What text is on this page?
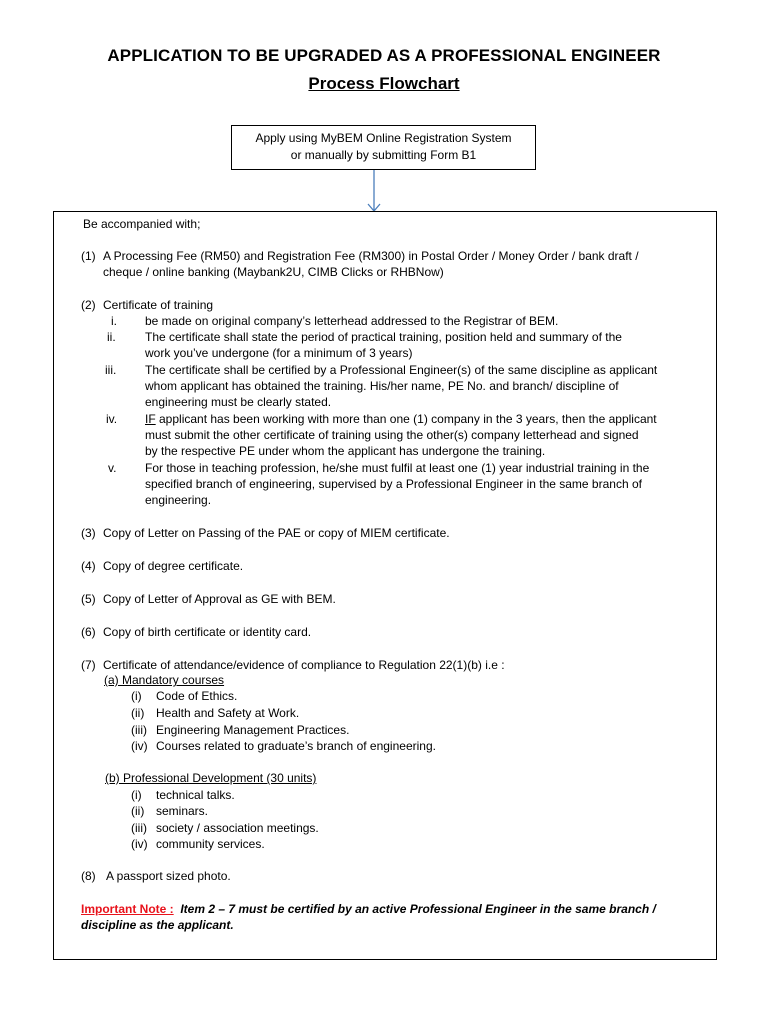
APPLICATION TO BE UPGRADED AS A PROFESSIONAL ENGINEER
Process Flowchart
Apply using MyBEM Online Registration System
or manually by submitting Form B1
Be accompanied with;
(1) A Processing Fee (RM50) and Registration Fee (RM300) in Postal Order / Money Order / bank draft /
cheque / online banking (Maybank2U, CIMB Clicks or RHBNow)
(2) Certificate of training
i. be made on original company’s letterhead addressed to the Registrar of BEM.
ii. The certificate shall state the period of practical training, position held and summary of the
work you’ve undergone (for a minimum of 3 years)
iii. The certificate shall be certified by a Professional Engineer(s) of the same discipline as applicant
whom applicant has obtained the training. His/her name, PE No. and branch/ discipline of
engineering must be clearly stated.
iv. IF applicant has been working with more than one (1) company in the 3 years, then the applicant
must submit the other certificate of training using the other(s) company letterhead and signed
by the respective PE under whom the applicant has undergone the training.
v. For those in teaching profession, he/she must fulfil at least one (1) year industrial training in the
specified branch of engineering, supervised by a Professional Engineer in the same branch of
engineering.
(3) Copy of Letter on Passing of the PAE or copy of MIEM certificate.
(4) Copy of degree certificate.
(5) Copy of Letter of Approval as GE with BEM.
(6) Copy of birth certificate or identity card.
(7) Certificate of attendance/evidence of compliance to Regulation 22(1)(b) i.e :
(a) Mandatory courses
(i) Code of Ethics.
(ii) Health and Safety at Work.
(iii) Engineering Management Practices.
(iv) Courses related to graduate’s branch of engineering.
(b) Professional Development (30 units)
(i) technical talks.
(ii) seminars.
(iii) society / association meetings.
(iv) community services.
(8) A passport sized photo.
Important Note : Item 2 – 7 must be certified by an active Professional Engineer in the same branch /
discipline as the applicant.
